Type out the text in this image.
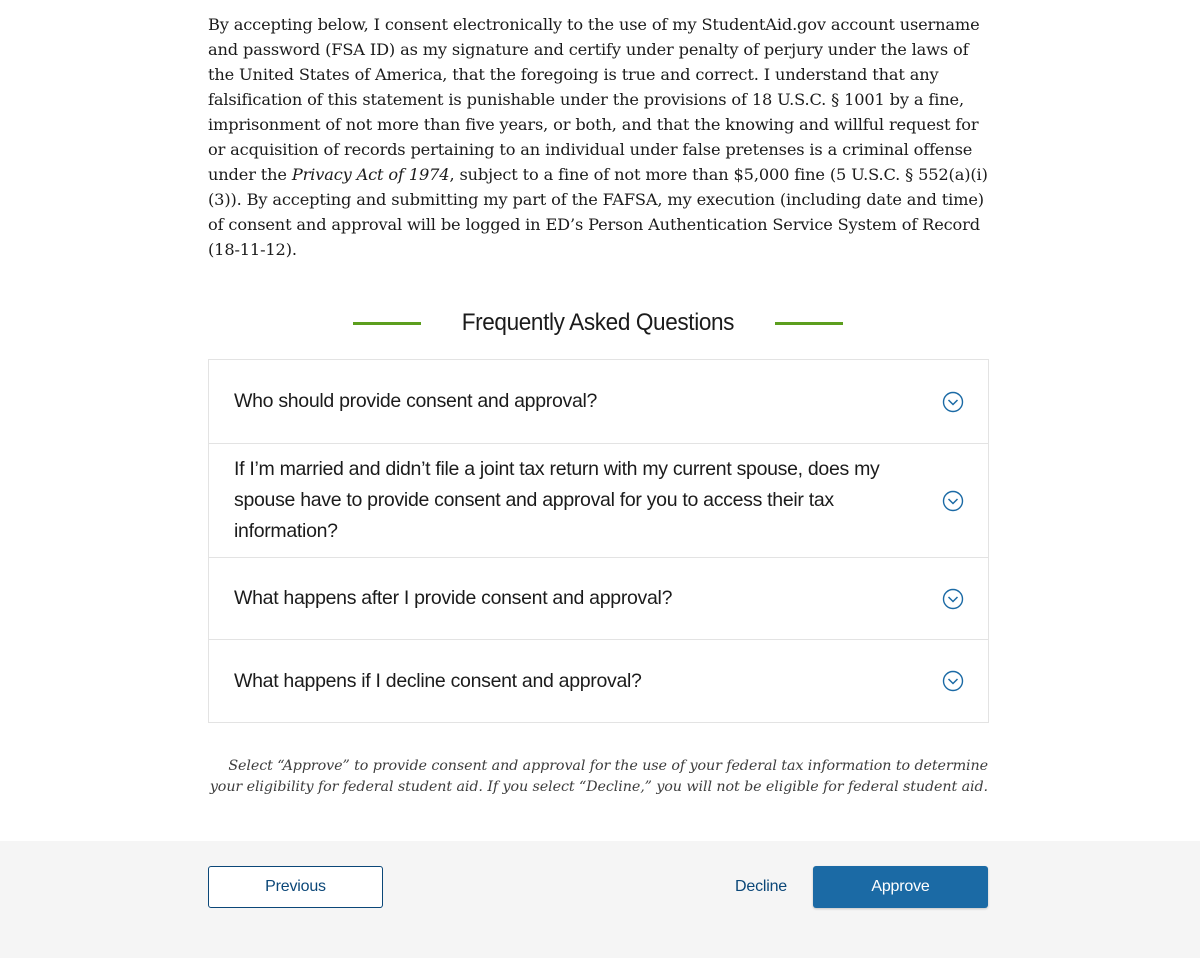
By accepting below, I consent electronically to the use of my StudentAid.gov account username and password (FSA ID) as my signature and certify under penalty of perjury under the laws of the United States of America, that the foregoing is true and correct. I understand that any falsification of this statement is punishable under the provisions of 18 U.S.C. § 1001 by a fine, imprisonment of not more than five years, or both, and that the knowing and willful request for or acquisition of records pertaining to an individual under false pretenses is a criminal offense under the Privacy Act of 1974, subject to a fine of not more than $5,000 fine (5 U.S.C. § 552(a)(i)(3)). By accepting and submitting my part of the FAFSA, my execution (including date and time) of consent and approval will be logged in ED’s Person Authentication Service System of Record (18-11-12).

Frequently Asked Questions
Who should provide consent and approval?
If I’m married and didn’t file a joint tax return with my current spouse, does my spouse have to provide consent and approval for you to access their tax information?
What happens after I provide consent and approval?
What happens if I decline consent and approval?

Select “Approve” to provide consent and approval for the use of your federal tax information to determine your eligibility for federal student aid. If you select “Decline,” you will not be eligible for federal student aid.

Previous	Decline	Approve
